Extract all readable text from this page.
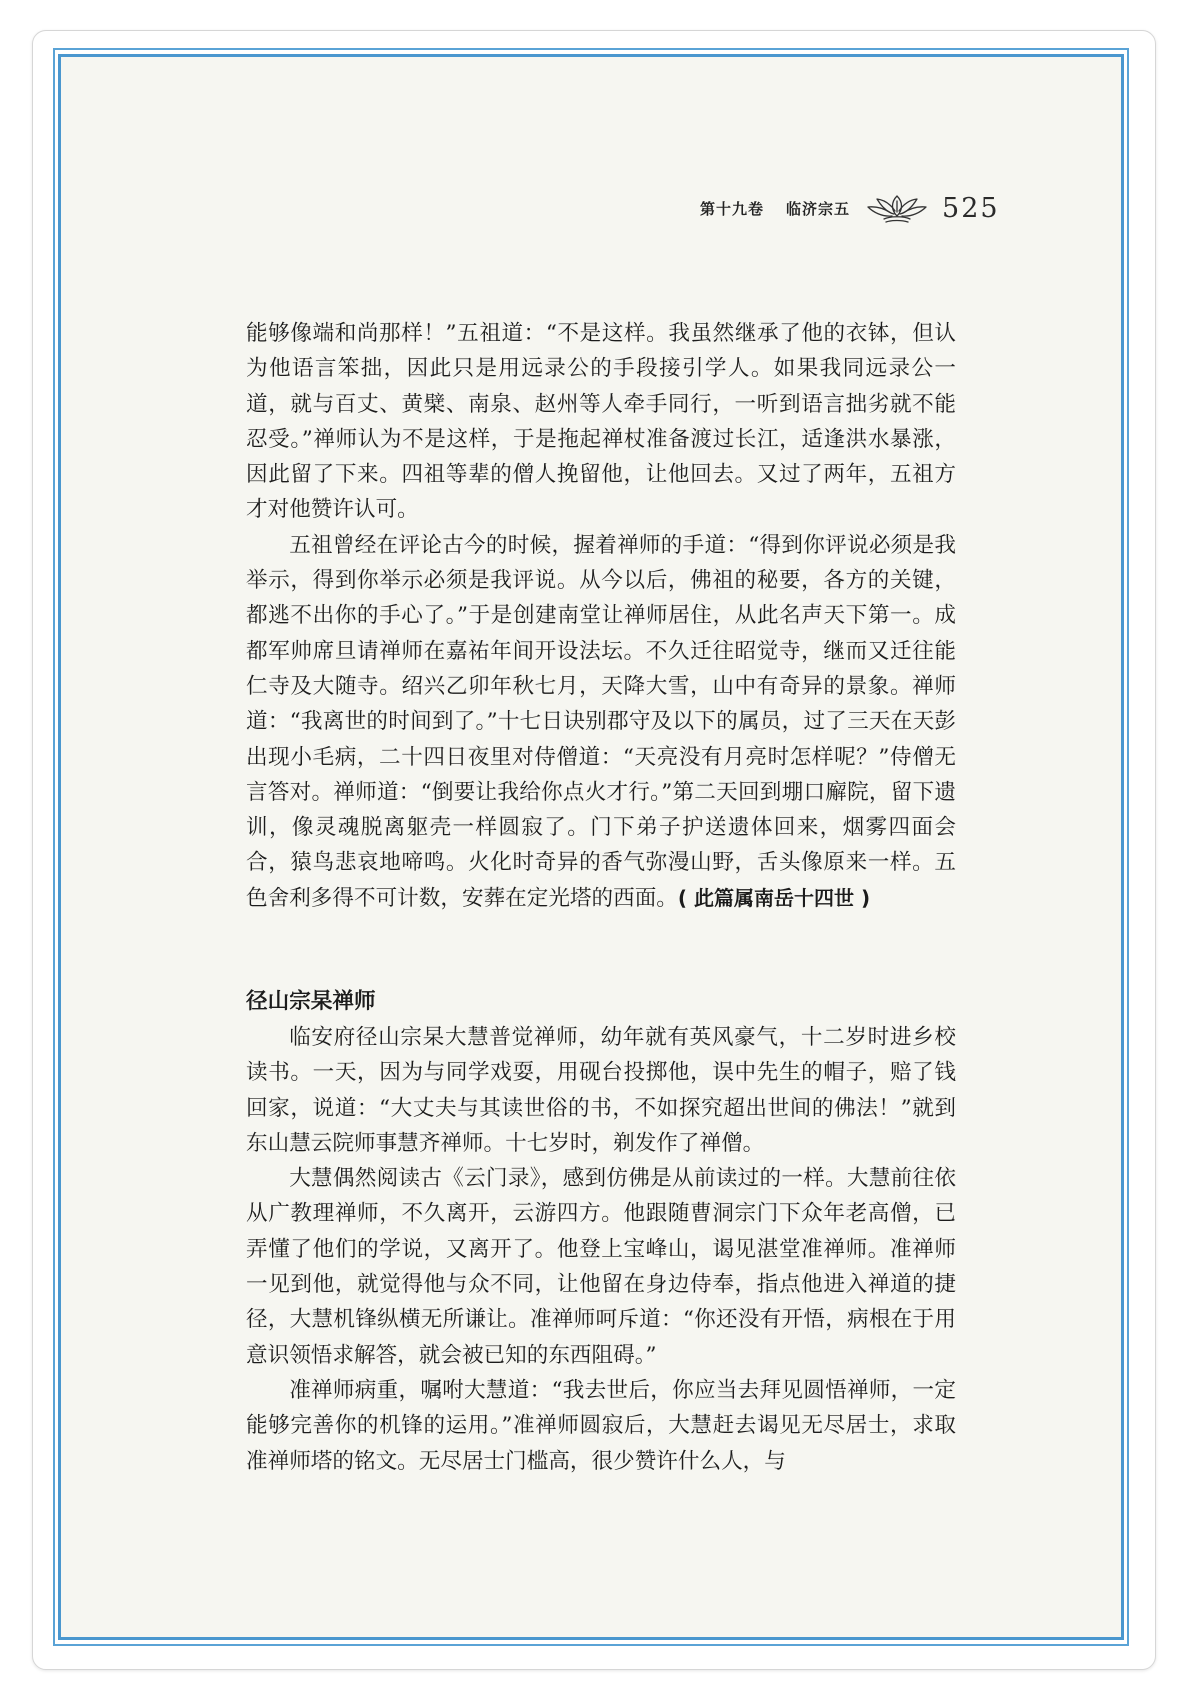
第十九卷 临济宗五	525

能够像端和尚那样！”五祖道：“不是这样。我虽然继承了他的衣钵，但认为他语言笨拙，因此只是用远录公的手段接引学人。如果我同远录公一道，就与百丈、黄檗、南泉、赵州等人牵手同行，一听到语言拙劣就不能忍受。”禅师认为不是这样，于是拖起禅杖准备渡过长江，适逢洪水暴涨，因此留了下来。四祖等辈的僧人挽留他，让他回去。又过了两年，五祖方才对他赞许认可。

五祖曾经在评论古今的时候，握着禅师的手道：“得到你评说必须是我举示，得到你举示必须是我评说。从今以后，佛祖的秘要，各方的关键，都逃不出你的手心了。”于是创建南堂让禅师居住，从此名声天下第一。成都军帅席旦请禅师在嘉祐年间开设法坛。不久迁往昭觉寺，继而又迁往能仁寺及大随寺。绍兴乙卯年秋七月，天降大雪，山中有奇异的景象。禅师道：“我离世的时间到了。”十七日诀别郡守及以下的属员，过了三天在天彭出现小毛病，二十四日夜里对侍僧道：“天亮没有月亮时怎样呢？”侍僧无言答对。禅师道：“倒要让我给你点火才行。”第二天回到堋口廨院，留下遗训，像灵魂脱离躯壳一样圆寂了。门下弟子护送遗体回来，烟雾四面会合，猿鸟悲哀地啼鸣。火化时奇异的香气弥漫山野，舌头像原来一样。五色舍利多得不可计数，安葬在定光塔的西面。( 此篇属南岳十四世 )

径山宗杲禅师

临安府径山宗杲大慧普觉禅师，幼年就有英风豪气，十二岁时进乡校读书。一天，因为与同学戏耍，用砚台投掷他，误中先生的帽子，赔了钱回家，说道：“大丈夫与其读世俗的书，不如探究超出世间的佛法！”就到东山慧云院师事慧齐禅师。十七岁时，剃发作了禅僧。

大慧偶然阅读古《云门录》，感到仿佛是从前读过的一样。大慧前往依从广教理禅师，不久离开，云游四方。他跟随曹洞宗门下众年老高僧，已弄懂了他们的学说，又离开了。他登上宝峰山，谒见湛堂准禅师。准禅师一见到他，就觉得他与众不同，让他留在身边侍奉，指点他进入禅道的捷径，大慧机锋纵横无所谦让。准禅师呵斥道：“你还没有开悟，病根在于用意识领悟求解答，就会被已知的东西阻碍。”

准禅师病重，嘱咐大慧道：“我去世后，你应当去拜见圆悟禅师，一定能够完善你的机锋的运用。”准禅师圆寂后，大慧赶去谒见无尽居士，求取准禅师塔的铭文。无尽居士门槛高，很少赞许什么人，与
